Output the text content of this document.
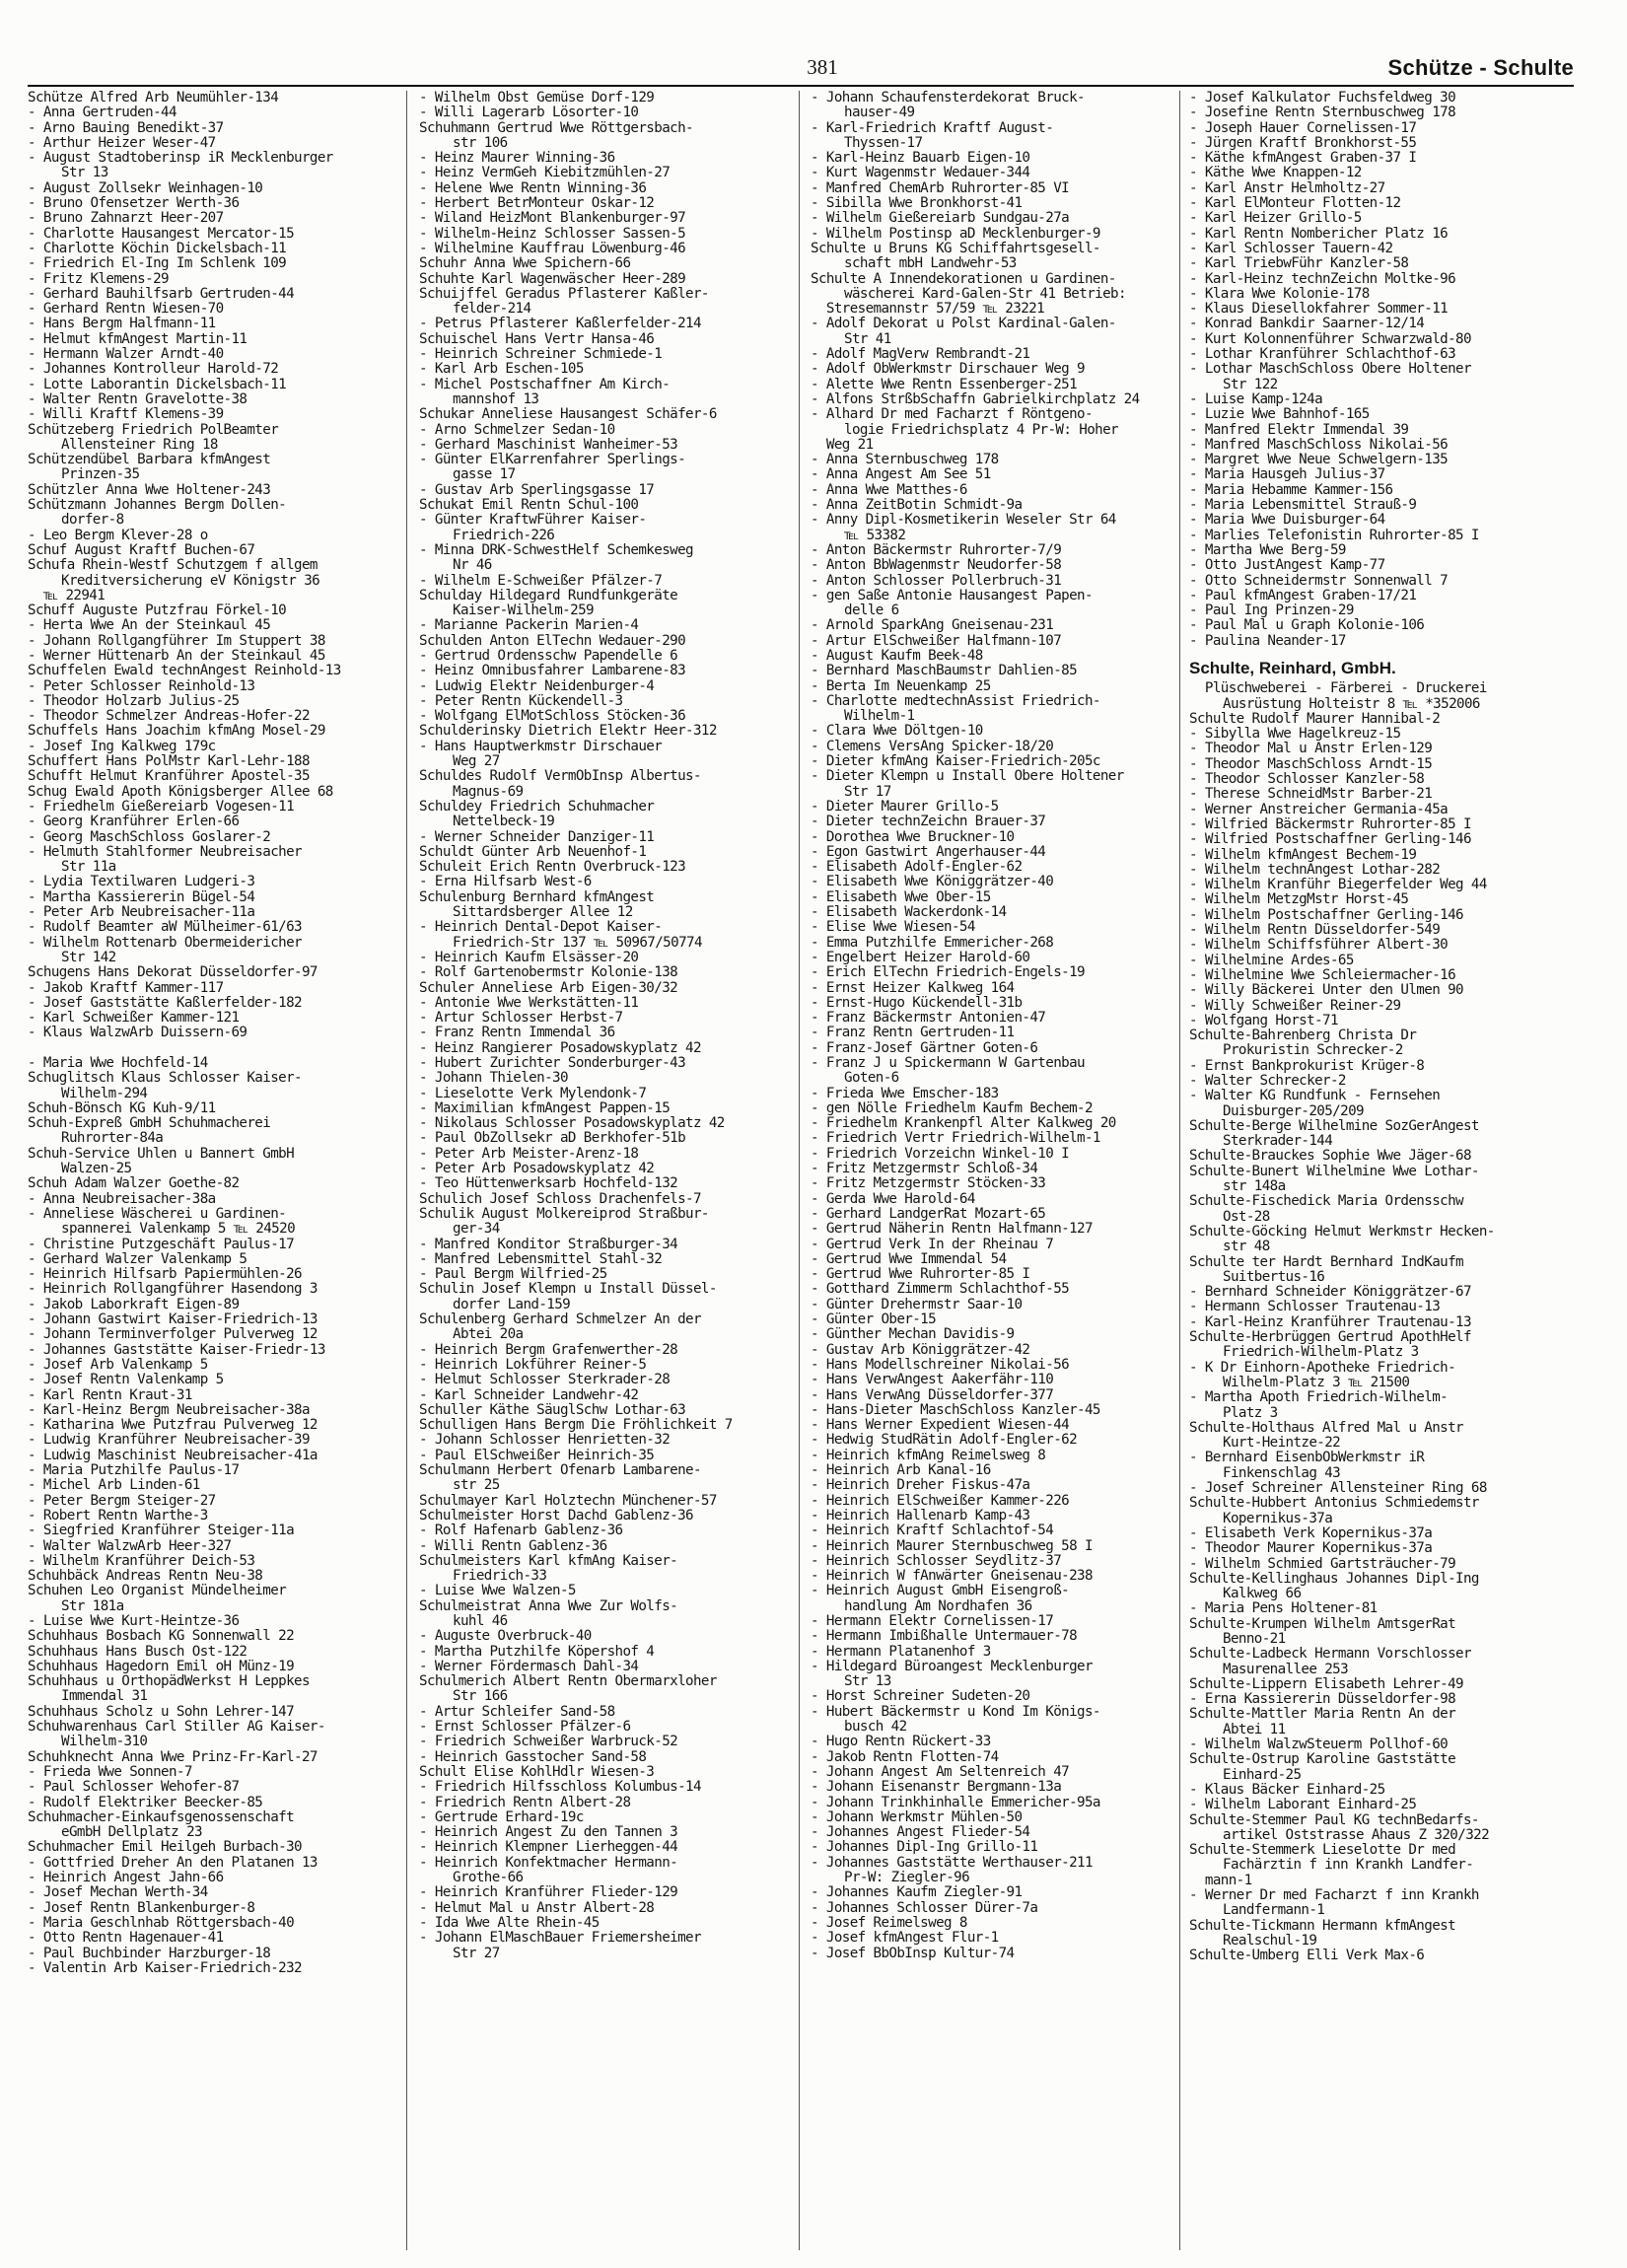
381	Schütze - Schulte
Schütze Alfred Arb Neumühler-134
- Anna Gertruden-44
- Arno Bauing Benedikt-37
- Arthur Heizer Weser-47
- August Stadtoberinsp iR Mecklenburger
Str 13
- August Zollsekr Weinhagen-10
- Bruno Ofensetzer Werth-36
- Bruno Zahnarzt Heer-207
- Charlotte Hausangest Mercator-15
- Charlotte Köchin Dickelsbach-11
- Friedrich El-Ing Im Schlenk 109
- Fritz Klemens-29
- Gerhard Bauhilfsarb Gertruden-44
- Gerhard Rentn Wiesen-70
- Hans Bergm Halfmann-11
- Helmut kfmAngest Martin-11
- Hermann Walzer Arndt-40
- Johannes Kontrolleur Harold-72
- Lotte Laborantin Dickelsbach-11
- Walter Rentn Gravelotte-38
- Willi Kraftf Klemens-39
Schützeberg Friedrich PolBeamter
Allensteiner Ring 18
Schützendübel Barbara kfmAngest
Prinzen-35
Schützler Anna Wwe Holtener-243
Schützmann Johannes Bergm Dollen-
dorfer-8
- Leo Bergm Klever-28 o
Schuf August Kraftf Buchen-67
Schufa Rhein-Westf Schutzgem f allgem
Kreditversicherung eV Königstr 36
℡ 22941
Schuff Auguste Putzfrau Förkel-10
- Herta Wwe An der Steinkaul 45
- Johann Rollgangführer Im Stuppert 38
- Werner Hüttenarb An der Steinkaul 45
Schuffelen Ewald technAngest Reinhold-13
- Peter Schlosser Reinhold-13
- Theodor Holzarb Julius-25
- Theodor Schmelzer Andreas-Hofer-22
Schuffels Hans Joachim kfmAng Mosel-29
- Josef Ing Kalkweg 179c
Schuffert Hans PolMstr Karl-Lehr-188
Schufft Helmut Kranführer Apostel-35
Schug Ewald Apoth Königsberger Allee 68
- Friedhelm Gießereiarb Vogesen-11
- Georg Kranführer Erlen-66
- Georg MaschSchloss Goslarer-2
- Helmuth Stahlformer Neubreisacher
Str 11a
- Lydia Textilwaren Ludgeri-3
- Martha Kassiererin Bügel-54
- Peter Arb Neubreisacher-11a
- Rudolf Beamter aW Mülheimer-61/63
- Wilhelm Rottenarb Obermeidericher
Str 142
Schugens Hans Dekorat Düsseldorfer-97
- Jakob Kraftf Kammer-117
- Josef Gaststätte Kaßlerfelder-182
- Karl Schweißer Kammer-121
- Klaus WalzwArb Duissern-69

- Maria Wwe Hochfeld-14
Schuglitsch Klaus Schlosser Kaiser-
Wilhelm-294
Schuh-Bönsch KG Kuh-9/11
Schuh-Expreß GmbH Schuhmacherei
Ruhrorter-84a
Schuh-Service Uhlen u Bannert GmbH
Walzen-25
Schuh Adam Walzer Goethe-82
- Anna Neubreisacher-38a
- Anneliese Wäscherei u Gardinen-
spannerei Valenkamp 5 ℡ 24520
- Christine Putzgeschäft Paulus-17
- Gerhard Walzer Valenkamp 5
- Heinrich Hilfsarb Papiermühlen-26
- Heinrich Rollgangführer Hasendong 3
- Jakob Laborkraft Eigen-89
- Johann Gastwirt Kaiser-Friedrich-13
- Johann Terminverfolger Pulverweg 12
- Johannes Gaststätte Kaiser-Friedr-13
- Josef Arb Valenkamp 5
- Josef Rentn Valenkamp 5
- Karl Rentn Kraut-31
- Karl-Heinz Bergm Neubreisacher-38a
- Katharina Wwe Putzfrau Pulverweg 12
- Ludwig Kranführer Neubreisacher-39
- Ludwig Maschinist Neubreisacher-41a
- Maria Putzhilfe Paulus-17
- Michel Arb Linden-61
- Peter Bergm Steiger-27
- Robert Rentn Warthe-3
- Siegfried Kranführer Steiger-11a
- Walter WalzwArb Heer-327
- Wilhelm Kranführer Deich-53
Schuhbäck Andreas Rentn Neu-38
Schuhen Leo Organist Mündelheimer
Str 181a
- Luise Wwe Kurt-Heintze-36
Schuhhaus Bosbach KG Sonnenwall 22
Schuhhaus Hans Busch Ost-122
Schuhhaus Hagedorn Emil oH Münz-19
Schuhhaus u OrthopädWerkst H Leppkes
Immendal 31
Schuhhaus Scholz u Sohn Lehrer-147
Schuhwarenhaus Carl Stiller AG Kaiser-
Wilhelm-310
Schuhknecht Anna Wwe Prinz-Fr-Karl-27
- Frieda Wwe Sonnen-7
- Paul Schlosser Wehofer-87
- Rudolf Elektriker Beecker-85
Schuhmacher-Einkaufsgenossenschaft
eGmbH Dellplatz 23
Schuhmacher Emil Heilgeh Burbach-30
- Gottfried Dreher An den Platanen 13
- Heinrich Angest Jahn-66
- Josef Mechan Werth-34
- Josef Rentn Blankenburger-8
- Maria Geschlnhab Röttgersbach-40
- Otto Rentn Hagenauer-41
- Paul Buchbinder Harzburger-18
- Valentin Arb Kaiser-Friedrich-232
- Wilhelm Obst Gemüse Dorf-129
- Willi Lagerarb Lösorter-10
Schuhmann Gertrud Wwe Röttgersbach-
str 106
- Heinz Maurer Winning-36
- Heinz VermGeh Kiebitzmühlen-27
- Helene Wwe Rentn Winning-36
- Herbert BetrMonteur Oskar-12
- Wiland HeizMont Blankenburger-97
- Wilhelm-Heinz Schlosser Sassen-5
- Wilhelmine Kauffrau Löwenburg-46
Schuhr Anna Wwe Spichern-66
Schuhte Karl Wagenwäscher Heer-289
Schuijffel Geradus Pflasterer Kaßler-
felder-214
- Petrus Pflasterer Kaßlerfelder-214
Schuischel Hans Vertr Hansa-46
- Heinrich Schreiner Schmiede-1
- Karl Arb Eschen-105
- Michel Postschaffner Am Kirch-
mannshof 13
Schukar Anneliese Hausangest Schäfer-6
- Arno Schmelzer Sedan-10
- Gerhard Maschinist Wanheimer-53
- Günter ElKarrenfahrer Sperlings-
gasse 17
- Gustav Arb Sperlingsgasse 17
Schukat Emil Rentn Schul-100
- Günter KraftwFührer Kaiser-
Friedrich-226
- Minna DRK-SchwestHelf Schemkesweg
Nr 46
- Wilhelm E-Schweißer Pfälzer-7
Schulday Hildegard Rundfunkgeräte
Kaiser-Wilhelm-259
- Marianne Packerin Marien-4
Schulden Anton ElTechn Wedauer-290
- Gertrud Ordensschw Papendelle 6
- Heinz Omnibusfahrer Lambarene-83
- Ludwig Elektr Neidenburger-4
- Peter Rentn Kückendell-3
- Wolfgang ElMotSchloss Stöcken-36
Schulderinsky Dietrich Elektr Heer-312
- Hans Hauptwerkmstr Dirschauer
Weg 27
Schuldes Rudolf VermObInsp Albertus-
Magnus-69
Schuldey Friedrich Schuhmacher
Nettelbeck-19
- Werner Schneider Danziger-11
Schuldt Günter Arb Neuenhof-1
Schuleit Erich Rentn Overbruck-123
- Erna Hilfsarb West-6
Schulenburg Bernhard kfmAngest
Sittardsberger Allee 12
- Heinrich Dental-Depot Kaiser-
Friedrich-Str 137 ℡ 50967/50774
- Heinrich Kaufm Elsässer-20
- Rolf Gartenobermstr Kolonie-138
Schuler Anneliese Arb Eigen-30/32
- Antonie Wwe Werkstätten-11
- Artur Schlosser Herbst-7
- Franz Rentn Immendal 36
- Heinz Rangierer Posadowskyplatz 42
- Hubert Zurichter Sonderburger-43
- Johann Thielen-30
- Lieselotte Verk Mylendonk-7
- Maximilian kfmAngest Pappen-15
- Nikolaus Schlosser Posadowskyplatz 42
- Paul ObZollsekr aD Berkhofer-51b
- Peter Arb Meister-Arenz-18
- Peter Arb Posadowskyplatz 42
- Teo Hüttenwerksarb Hochfeld-132
Schulich Josef Schloss Drachenfels-7
Schulik August Molkereiprod Straßbur-
ger-34
- Manfred Konditor Straßburger-34
- Manfred Lebensmittel Stahl-32
- Paul Bergm Wilfried-25
Schulin Josef Klempn u Install Düssel-
dorfer Land-159
Schulenberg Gerhard Schmelzer An der
Abtei 20a
- Heinrich Bergm Grafenwerther-28
- Heinrich Lokführer Reiner-5
- Helmut Schlosser Sterkrader-28
- Karl Schneider Landwehr-42
Schuller Käthe SäuglSchw Lothar-63
Schulligen Hans Bergm Die Fröhlichkeit 7
- Johann Schlosser Henrietten-32
- Paul ElSchweißer Heinrich-35
Schulmann Herbert Ofenarb Lambarene-
str 25
Schulmayer Karl Holztechn Münchener-57
Schulmeister Horst Dachd Gablenz-36
- Rolf Hafenarb Gablenz-36
- Willi Rentn Gablenz-36
Schulmeisters Karl kfmAng Kaiser-
Friedrich-33
- Luise Wwe Walzen-5
Schulmeistrat Anna Wwe Zur Wolfs-
kuhl 46
- Auguste Overbruck-40
- Martha Putzhilfe Köpershof 4
- Werner Fördermasch Dahl-34
Schulmerich Albert Rentn Obermarxloher
Str 166
- Artur Schleifer Sand-58
- Ernst Schlosser Pfälzer-6
- Friedrich Schweißer Warbruck-52
- Heinrich Gasstocher Sand-58
Schult Elise KohlHdlr Wiesen-3
- Friedrich Hilfsschloss Kolumbus-14
- Friedrich Rentn Albert-28
- Gertrude Erhard-19c
- Heinrich Angest Zu den Tannen 3
- Heinrich Klempner Lierheggen-44
- Heinrich Konfektmacher Hermann-
Grothe-66
- Heinrich Kranführer Flieder-129
- Helmut Mal u Anstr Albert-28
- Ida Wwe Alte Rhein-45
- Johann ElMaschBauer Friemersheimer
Str 27
- Johann Schaufensterdekorat Bruck-
hauser-49
- Karl-Friedrich Kraftf August-
Thyssen-17
- Karl-Heinz Bauarb Eigen-10
- Kurt Wagenmstr Wedauer-344
- Manfred ChemArb Ruhrorter-85 VI
- Sibilla Wwe Bronkhorst-41
- Wilhelm Gießereiarb Sundgau-27a
- Wilhelm Postinsp aD Mecklenburger-9
Schulte u Bruns KG Schiffahrtsgesell-
schaft mbH Landwehr-53
Schulte A Innendekorationen u Gardinen-
wäscherei Kard-Galen-Str 41 Betrieb:
Stresemannstr 57/59 ℡ 23221
- Adolf Dekorat u Polst Kardinal-Galen-
Str 41
- Adolf MagVerw Rembrandt-21
- Adolf ObWerkmstr Dirschauer Weg 9
- Alette Wwe Rentn Essenberger-251
- Alfons StrßbSchaffn Gabrielkirchplatz 24
- Alhard Dr med Facharzt f Röntgeno-
logie Friedrichsplatz 4 Pr-W: Hoher
Weg 21
- Anna Sternbuschweg 178
- Anna Angest Am See 51
- Anna Wwe Matthes-6
- Anna ZeitBotin Schmidt-9a
- Anny Dipl-Kosmetikerin Weseler Str 64
℡ 53382
- Anton Bäckermstr Ruhrorter-7/9
- Anton BbWagenmstr Neudorfer-58
- Anton Schlosser Pollerbruch-31
- gen Saße Antonie Hausangest Papen-
delle 6
- Arnold SparkAng Gneisenau-231
- Artur ElSchweißer Halfmann-107
- August Kaufm Beek-48
- Bernhard MaschBaumstr Dahlien-85
- Berta Im Neuenkamp 25
- Charlotte medtechnAssist Friedrich-
Wilhelm-1
- Clara Wwe Döltgen-10
- Clemens VersAng Spicker-18/20
- Dieter kfmAng Kaiser-Friedrich-205c
- Dieter Klempn u Install Obere Holtener
Str 17
- Dieter Maurer Grillo-5
- Dieter technZeichn Brauer-37
- Dorothea Wwe Bruckner-10
- Egon Gastwirt Angerhauser-44
- Elisabeth Adolf-Engler-62
- Elisabeth Wwe Königgrätzer-40
- Elisabeth Wwe Ober-15
- Elisabeth Wackerdonk-14
- Elise Wwe Wiesen-54
- Emma Putzhilfe Emmericher-268
- Engelbert Heizer Harold-60
- Erich ElTechn Friedrich-Engels-19
- Ernst Heizer Kalkweg 164
- Ernst-Hugo Kückendell-31b
- Franz Bäckermstr Antonien-47
- Franz Rentn Gertruden-11
- Franz-Josef Gärtner Goten-6
- Franz J u Spickermann W Gartenbau
Goten-6
- Frieda Wwe Emscher-183
- gen Nölle Friedhelm Kaufm Bechem-2
- Friedhelm Krankenpfl Alter Kalkweg 20
- Friedrich Vertr Friedrich-Wilhelm-1
- Friedrich Vorzeichn Winkel-10 I
- Fritz Metzgermstr Schloß-34
- Fritz Metzgermstr Stöcken-33
- Gerda Wwe Harold-64
- Gerhard LandgerRat Mozart-65
- Gertrud Näherin Rentn Halfmann-127
- Gertrud Verk In der Rheinau 7
- Gertrud Wwe Immendal 54
- Gertrud Wwe Ruhrorter-85 I
- Gotthard Zimmerm Schlachthof-55
- Günter Drehermstr Saar-10
- Günter Ober-15
- Günther Mechan Davidis-9
- Gustav Arb Königgrätzer-42
- Hans Modellschreiner Nikolai-56
- Hans VerwAngest Aakerfähr-110
- Hans VerwAng Düsseldorfer-377
- Hans-Dieter MaschSchloss Kanzler-45
- Hans Werner Expedient Wiesen-44
- Hedwig StudRätin Adolf-Engler-62
- Heinrich kfmAng Reimelsweg 8
- Heinrich Arb Kanal-16
- Heinrich Dreher Fiskus-47a
- Heinrich ElSchweißer Kammer-226
- Heinrich Hallenarb Kamp-43
- Heinrich Kraftf Schlachtof-54
- Heinrich Maurer Sternbuschweg 58 I
- Heinrich Schlosser Seydlitz-37
- Heinrich W fAnwärter Gneisenau-238
- Heinrich August GmbH Eisengroß-
handlung Am Nordhafen 36
- Hermann Elektr Cornelissen-17
- Hermann Imbißhalle Untermauer-78
- Hermann Platanenhof 3
- Hildegard Büroangest Mecklenburger
Str 13
- Horst Schreiner Sudeten-20
- Hubert Bäckermstr u Kond Im Königs-
busch 42
- Hugo Rentn Rückert-33
- Jakob Rentn Flotten-74
- Johann Angest Am Seltenreich 47
- Johann Eisenanstr Bergmann-13a
- Johann Trinkhinhalle Emmericher-95a
- Johann Werkmstr Mühlen-50
- Johannes Angest Flieder-54
- Johannes Dipl-Ing Grillo-11
- Johannes Gaststätte Werthauser-211
Pr-W: Ziegler-96
- Johannes Kaufm Ziegler-91
- Johannes Schlosser Dürer-7a
- Josef Reimelsweg 8
- Josef kfmAngest Flur-1
- Josef BbObInsp Kultur-74
- Josef Kalkulator Fuchsfeldweg 30
- Josefine Rentn Sternbuschweg 178
- Joseph Hauer Cornelissen-17
- Jürgen Kraftf Bronkhorst-55
- Käthe kfmAngest Graben-37 I
- Käthe Wwe Knappen-12
- Karl Anstr Helmholtz-27
- Karl ElMonteur Flotten-12
- Karl Heizer Grillo-5
- Karl Rentn Nombericher Platz 16
- Karl Schlosser Tauern-42
- Karl TriebwFühr Kanzler-58
- Karl-Heinz technZeichn Moltke-96
- Klara Wwe Kolonie-178
- Klaus Diesellokfahrer Sommer-11
- Konrad Bankdir Saarner-12/14
- Kurt Kolonnenführer Schwarzwald-80
- Lothar Kranführer Schlachthof-63
- Lothar MaschSchloss Obere Holtener
Str 122
- Luise Kamp-124a
- Luzie Wwe Bahnhof-165
- Manfred Elektr Immendal 39
- Manfred MaschSchloss Nikolai-56
- Margret Wwe Neue Schwelgern-135
- Maria Hausgeh Julius-37
- Maria Hebamme Kammer-156
- Maria Lebensmittel Strauß-9
- Maria Wwe Duisburger-64
- Marlies Telefonistin Ruhrorter-85 I
- Martha Wwe Berg-59
- Otto JustAngest Kamp-77
- Otto Schneidermstr Sonnenwall 7
- Paul kfmAngest Graben-17/21
- Paul Ing Prinzen-29
- Paul Mal u Graph Kolonie-106
- Paulina Neander-17
Schulte, Reinhard, GmbH.
Plüschweberei - Färberei - Druckerei
Ausrüstung Holteistr 8 ℡ *352006
Schulte Rudolf Maurer Hannibal-2
- Sibylla Wwe Hagelkreuz-15
- Theodor Mal u Anstr Erlen-129
- Theodor MaschSchloss Arndt-15
- Theodor Schlosser Kanzler-58
- Therese SchneidMstr Barber-21
- Werner Anstreicher Germania-45a
- Wilfried Bäckermstr Ruhrorter-85 I
- Wilfried Postschaffner Gerling-146
- Wilhelm kfmAngest Bechem-19
- Wilhelm technAngest Lothar-282
- Wilhelm Kranführ Biegerfelder Weg 44
- Wilhelm MetzgMstr Horst-45
- Wilhelm Postschaffner Gerling-146
- Wilhelm Rentn Düsseldorfer-549
- Wilhelm Schiffsführer Albert-30
- Wilhelmine Ardes-65
- Wilhelmine Wwe Schleiermacher-16
- Willy Bäckerei Unter den Ulmen 90
- Willy Schweißer Reiner-29
- Wolfgang Horst-71
Schulte-Bahrenberg Christa Dr
Prokuristin Schrecker-2
- Ernst Bankprokurist Krüger-8
- Walter Schrecker-2
- Walter KG Rundfunk - Fernsehen
Duisburger-205/209
Schulte-Berge Wilhelmine SozGerAngest
Sterkrader-144
Schulte-Brauckes Sophie Wwe Jäger-68
Schulte-Bunert Wilhelmine Wwe Lothar-
str 148a
Schulte-Fischedick Maria Ordensschw
Ost-28
Schulte-Göcking Helmut Werkmstr Hecken-
str 48
Schulte ter Hardt Bernhard IndKaufm
Suitbertus-16
- Bernhard Schneider Königgrätzer-67
- Hermann Schlosser Trautenau-13
- Karl-Heinz Kranführer Trautenau-13
Schulte-Herbrüggen Gertrud ApothHelf
Friedrich-Wilhelm-Platz 3
- K Dr Einhorn-Apotheke Friedrich-
Wilhelm-Platz 3 ℡ 21500
- Martha Apoth Friedrich-Wilhelm-
Platz 3
Schulte-Holthaus Alfred Mal u Anstr
Kurt-Heintze-22
- Bernhard EisenbObWerkmstr iR
Finkenschlag 43
- Josef Schreiner Allensteiner Ring 68
Schulte-Hubbert Antonius Schmiedemstr
Kopernikus-37a
- Elisabeth Verk Kopernikus-37a
- Theodor Maurer Kopernikus-37a
- Wilhelm Schmied Gartsträucher-79
Schulte-Kellinghaus Johannes Dipl-Ing
Kalkweg 66
- Maria Pens Holtener-81
Schulte-Krumpen Wilhelm AmtsgerRat
Benno-21
Schulte-Ladbeck Hermann Vorschlosser
Masurenallee 253
Schulte-Lippern Elisabeth Lehrer-49
- Erna Kassiererin Düsseldorfer-98
Schulte-Mattler Maria Rentn An der
Abtei 11
- Wilhelm WalzwSteuerm Pollhof-60
Schulte-Ostrup Karoline Gaststätte
Einhard-25
- Klaus Bäcker Einhard-25
- Wilhelm Laborant Einhard-25
Schulte-Stemmer Paul KG technBedarfs-
artikel Oststrasse Ahaus Z 320/322
Schulte-Stemmerk Lieselotte Dr med
Fachärztin f inn Krankh Landfer-
mann-1
- Werner Dr med Facharzt f inn Krankh
Landfermann-1
Schulte-Tickmann Hermann kfmAngest
Realschul-19
Schulte-Umberg Elli Verk Max-6
